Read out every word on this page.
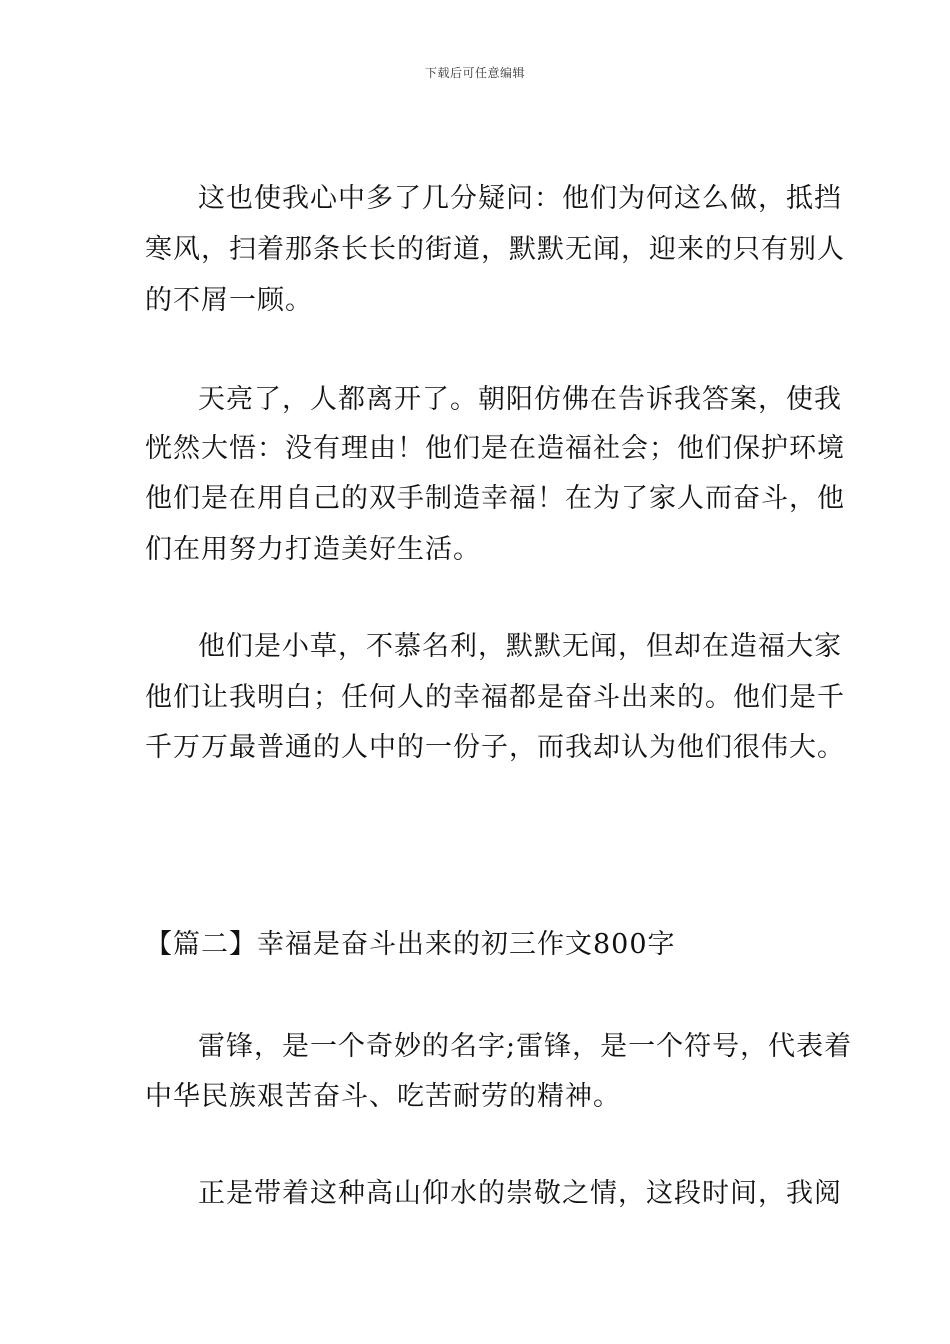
下载后可任意编辑
这也使我心中多了几分疑问：他们为何这么做，抵挡
寒风，扫着那条长长的街道，默默无闻，迎来的只有别人
的不屑一顾。
天亮了，人都离开了。朝阳仿佛在告诉我答案，使我
恍然大悟：没有理由！他们是在造福社会；他们保护环境
他们是在用自己的双手制造幸福！在为了家人而奋斗，他
们在用努力打造美好生活。
他们是小草，不慕名利，默默无闻，但却在造福大家
他们让我明白；任何人的幸福都是奋斗出来的。他们是千
千万万最普通的人中的一份子，而我却认为他们很伟大。
【篇二】幸福是奋斗出来的初三作文800字
雷锋，是一个奇妙的名字;雷锋，是一个符号，代表着
中华民族艰苦奋斗、吃苦耐劳的精神。
正是带着这种高山仰水的崇敬之情，这段时间，我阅
